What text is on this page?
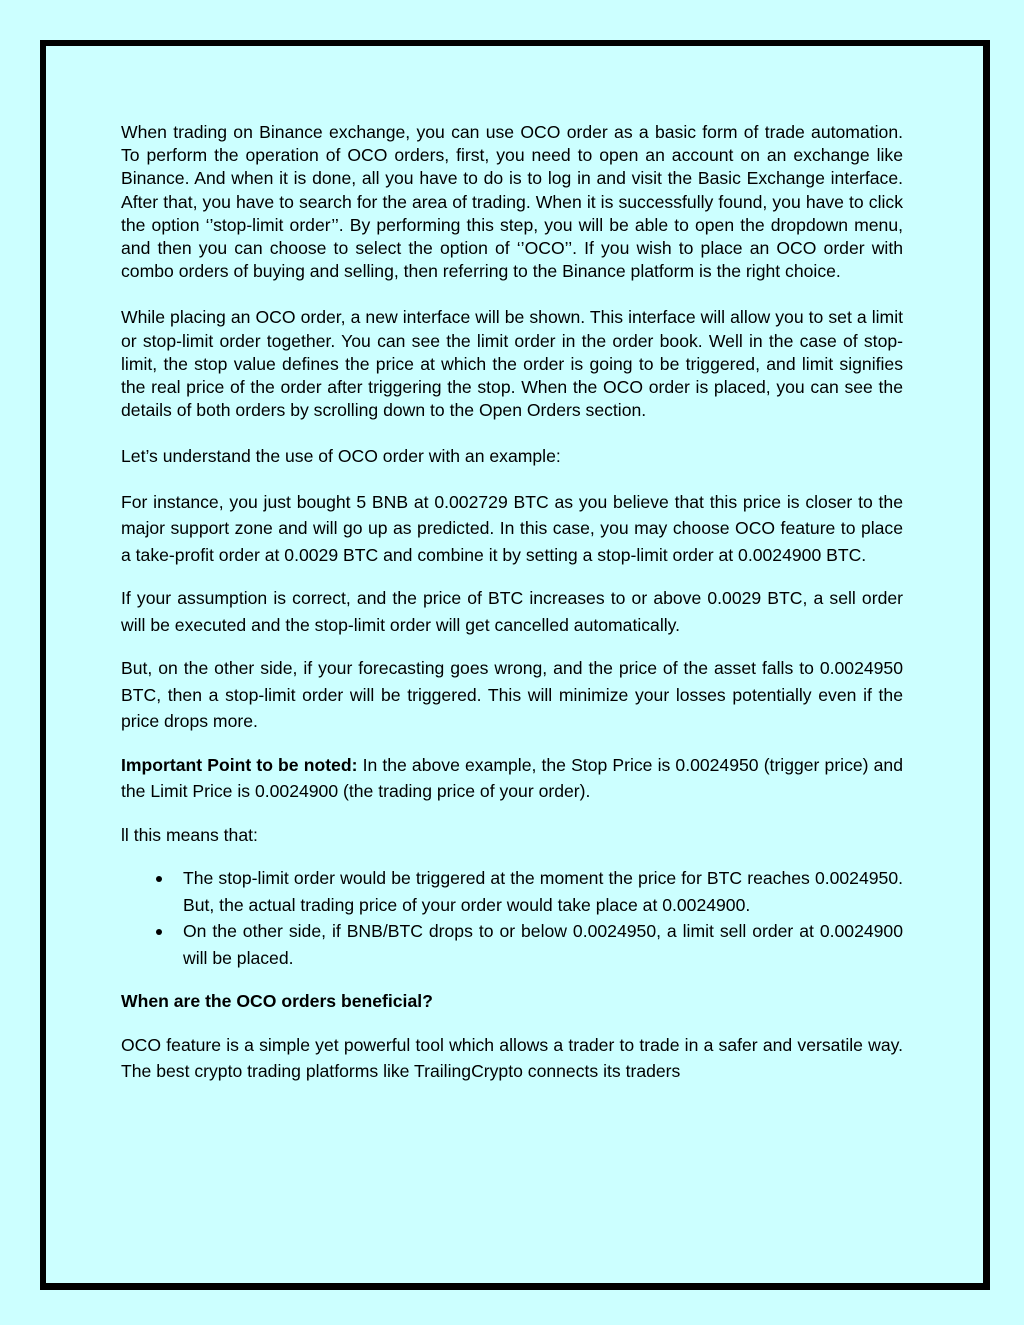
When trading on Binance exchange, you can use OCO order as a basic form of trade automation. To perform the operation of OCO orders, first, you need to open an account on an exchange like Binance. And when it is done, all you have to do is to log in and visit the Basic Exchange interface. After that, you have to search for the area of trading. When it is successfully found, you have to click the option ‘’stop-limit order’’. By performing this step, you will be able to open the dropdown menu, and then you can choose to select the option of ‘’OCO’’. If you wish to place an OCO order with combo orders of buying and selling, then referring to the Binance platform is the right choice.

While placing an OCO order, a new interface will be shown. This interface will allow you to set a limit or stop-limit order together. You can see the limit order in the order book. Well in the case of stop-limit, the stop value defines the price at which the order is going to be triggered, and limit signifies the real price of the order after triggering the stop. When the OCO order is placed, you can see the details of both orders by scrolling down to the Open Orders section.

Let’s understand the use of OCO order with an example:

For instance, you just bought 5 BNB at 0.002729 BTC as you believe that this price is closer to the major support zone and will go up as predicted. In this case, you may choose OCO feature to place a take-profit order at 0.0029 BTC and combine it by setting a stop-limit order at 0.0024900 BTC.

If your assumption is correct, and the price of BTC increases to or above 0.0029 BTC, a sell order will be executed and the stop-limit order will get cancelled automatically.

But, on the other side, if your forecasting goes wrong, and the price of the asset falls to 0.0024950 BTC, then a stop-limit order will be triggered. This will minimize your losses potentially even if the price drops more.

Important Point to be noted: In the above example, the Stop Price is 0.0024950 (trigger price) and the Limit Price is 0.0024900 (the trading price of your order).

ll this means that:

The stop-limit order would be triggered at the moment the price for BTC reaches 0.0024950. But, the actual trading price of your order would take place at 0.0024900.
On the other side, if BNB/BTC drops to or below 0.0024950, a limit sell order at 0.0024900 will be placed.

When are the OCO orders beneficial?

OCO feature is a simple yet powerful tool which allows a trader to trade in a safer and versatile way. The best crypto trading platforms like TrailingCrypto connects its traders
